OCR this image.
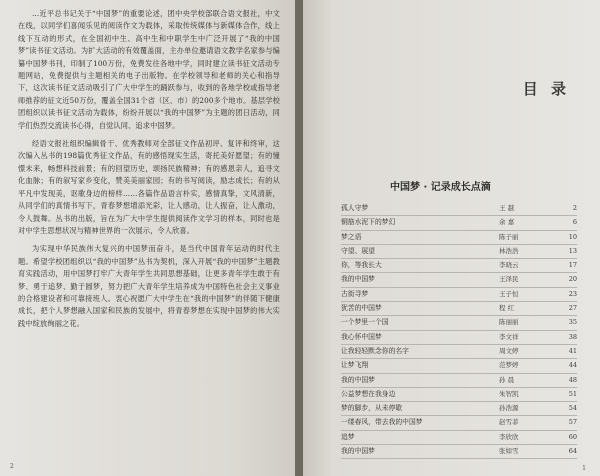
…近平总书记关于“中国梦”的重要论述，团中央学校部联合语文报社，中文在线，以同学们喜闻乐见的阅读作文为载体，采取传统媒体与新媒体合作，线上线下互动的形式，在全国初中生、高中生和中职学生中广泛开展了“我的中国梦”读书征文活动。为扩大活动的有效覆盖面，主办单位邀请语文教学名家参与编纂中国梦书刊，印制了100万份，免费发往各地中学，同时建立读书征文活动专题网站，免费提供与主题相关的电子出版物。在学校领导和老师的关心和指导下，这次读书征文活动吸引了广大中学生的踊跃参与，收到的各地学校或指导老师推荐的征文近50万份，覆盖全国31个省（区、市）的200多个地市。基层学校团组织以读书征文活动为载体，纷纷开展以“我的中国梦”为主题的团日活动，同学们热烈交流读书心得，自觉认同、追求中国梦。

经语文报社组织编辑骨干、优秀教师对全部征文作品初评、复评和终审，这次编入丛书的198篇优秀征文作品，有的感悟现实生活，寄托美好愿望；有的憧憬未来，畅想科技前景；有的回望历史，颂扬民族精神；有的感恩亲人，追寻文化血脉；有的叙写家乡变化，赞美美丽家园；有的书写阅读，励志成长；有的从平凡中发现美，讴歌身边的榜样……各篇作品语言朴实，感情真挚，文风清新，从同学们的真情书写下，青春梦想增添光彩，让人感动，让人振奋，让人激动，令人鼓舞。丛书的出版，旨在为广大中学生提供阅读作文学习的样本，同时也是对中学生思想状况与精神世界的一次展示，令人欣喜。

为实现中华民族伟大复兴的中国梦而奋斗，是当代中国青年运动的时代主题。希望学校团组织以“我的中国梦”丛书为契机，深入开展“我的中国梦”主题教育实践活动，用中国梦打牢广大青年学生共同思想基础，让更多青年学生敢于有梦、勇于追梦、勤于圆梦，努力把广大青年学生培养成为中国特色社会主义事业的合格建设者和可靠接班人。衷心祝愿广大中学生在“我的中国梦”的伴随下健康成长，把个人梦想融入国家和民族的发展中，将青春梦想在实现中国梦的伟大实践中绽放绚丽之花。

2
目 录
中国梦 · 记录成长点滴
孤人守梦	王 越	2
铜筋水泥下的梦幻	余 嘉	6
梦之语	陈子丽	10
守望、展望	林浩浩	13
你，等我长大	李晓云	17
我的中国梦	王泽民	20
古街寻梦	王子恒	23
犹苦的中国梦	程 红	27
一个梦里一个国	陈丽丽	35
我心怀中国梦	李文祥	38
让我轻轻默念你的名字	周文婷	41
让梦飞翔	范梦婷	44
我的中国梦	孙 晨	48
公益梦想在我身边	朱智凯	51
梦的脚步，从未停歇	孙浩源	54
一缕春风，带去我的中国梦	赵雪菲	57
追梦	李欣欣	60
我的中国梦	张如雪	64
1
